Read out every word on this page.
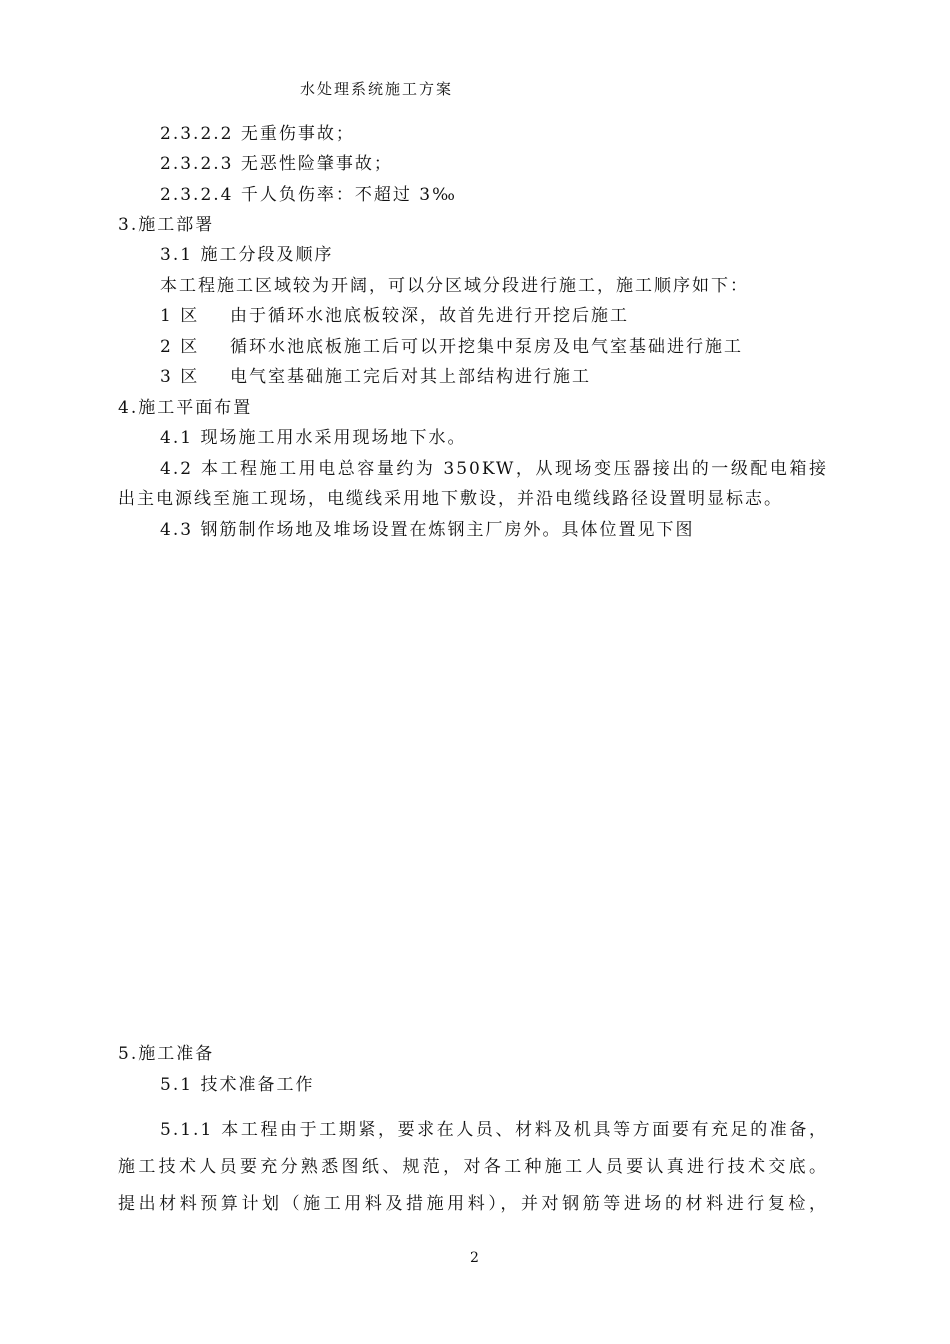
水处理系统施工方案
2.3.2.2 无重伤事故；
2.3.2.3 无恶性险肇事故；
2.3.2.4 千人负伤率：不超过 3‰
3.施工部署
3.1 施工分段及顺序
本工程施工区域较为开阔，可以分区域分段进行施工，施工顺序如下：
1 区 由于循环水池底板较深，故首先进行开挖后施工
2 区 循环水池底板施工后可以开挖集中泵房及电气室基础进行施工
3 区 电气室基础施工完后对其上部结构进行施工
4.施工平面布置
4.1 现场施工用水采用现场地下水。
4.2 本工程施工用电总容量约为 350KW，从现场变压器接出的一级配电箱接
出主电源线至施工现场，电缆线采用地下敷设，并沿电缆线路径设置明显标志。
4.3 钢筋制作场地及堆场设置在炼钢主厂房外。具体位置见下图
5.施工准备
5.1 技术准备工作
5.1.1 本工程由于工期紧，要求在人员、材料及机具等方面要有充足的准备，
施工技术人员要充分熟悉图纸、规范，对各工种施工人员要认真进行技术交底。
提出材料预算计划（施工用料及措施用料），并对钢筋等进场的材料进行复检，
2
